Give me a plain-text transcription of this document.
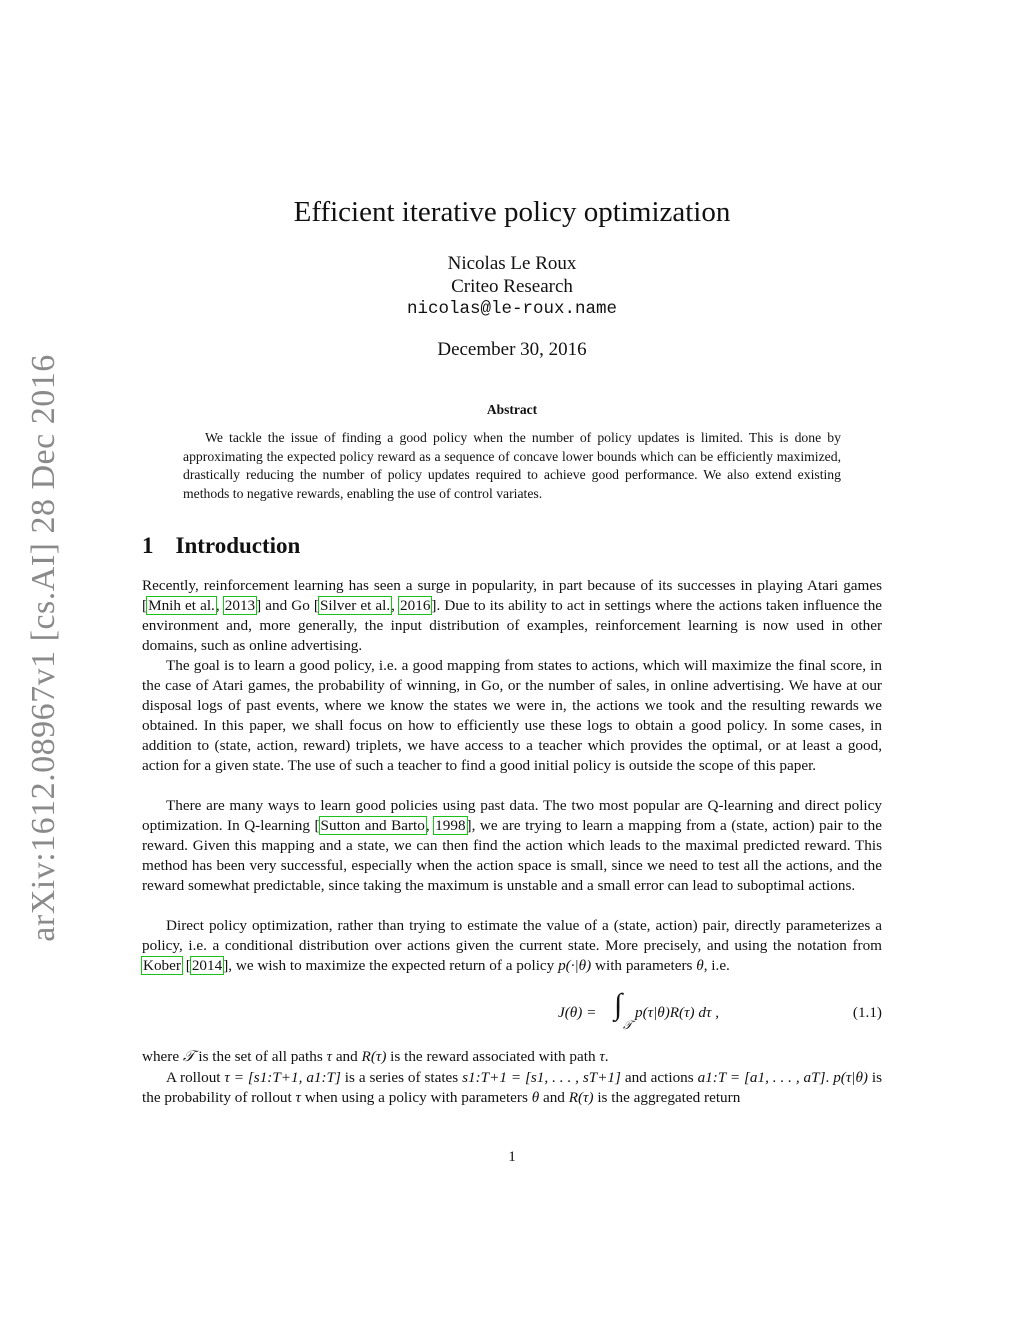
arXiv:1612.08967v1 [cs.AI] 28 Dec 2016
Efficient iterative policy optimization
Nicolas Le Roux
Criteo Research
nicolas@le-roux.name
December 30, 2016
Abstract
We tackle the issue of finding a good policy when the number of policy updates is limited. This is done by approximating the expected policy reward as a sequence of concave lower bounds which can be efficiently maximized, drastically reducing the number of policy updates required to achieve good performance. We also extend existing methods to negative rewards, enabling the use of control variates.
1 Introduction
Recently, reinforcement learning has seen a surge in popularity, in part because of its successes in playing Atari games [Mnih et al., 2013] and Go [Silver et al., 2016]. Due to its ability to act in settings where the actions taken influence the environment and, more generally, the input distribution of examples, reinforcement learning is now used in other domains, such as online advertising.
The goal is to learn a good policy, i.e. a good mapping from states to actions, which will maximize the final score, in the case of Atari games, the probability of winning, in Go, or the number of sales, in online advertising. We have at our disposal logs of past events, where we know the states we were in, the actions we took and the resulting rewards we obtained. In this paper, we shall focus on how to efficiently use these logs to obtain a good policy. In some cases, in addition to (state, action, reward) triplets, we have access to a teacher which provides the optimal, or at least a good, action for a given state. The use of such a teacher to find a good initial policy is outside the scope of this paper.
There are many ways to learn good policies using past data. The two most popular are Q-learning and direct policy optimization. In Q-learning [Sutton and Barto, 1998], we are trying to learn a mapping from a (state, action) pair to the reward. Given this mapping and a state, we can then find the action which leads to the maximal predicted reward. This method has been very successful, especially when the action space is small, since we need to test all the actions, and the reward somewhat predictable, since taking the maximum is unstable and a small error can lead to suboptimal actions.
Direct policy optimization, rather than trying to estimate the value of a (state, action) pair, directly parameterizes a policy, i.e. a conditional distribution over actions given the current state. More precisely, and using the notation from Kober [2014], we wish to maximize the expected return of a policy p(·|θ) with parameters θ, i.e.
J(θ) = ∫
𝒯
p(τ|θ)R(τ) dτ ,	(1.1)
where 𝒯 is the set of all paths τ and R(τ) is the reward associated with path τ.
A rollout τ = [s1:T+1, a1:T] is a series of states s1:T+1 = [s1, . . . , sT+1] and actions a1:T = [a1, . . . , aT]. p(τ|θ) is the probability of rollout τ when using a policy with parameters θ and R(τ) is the aggregated return
1
